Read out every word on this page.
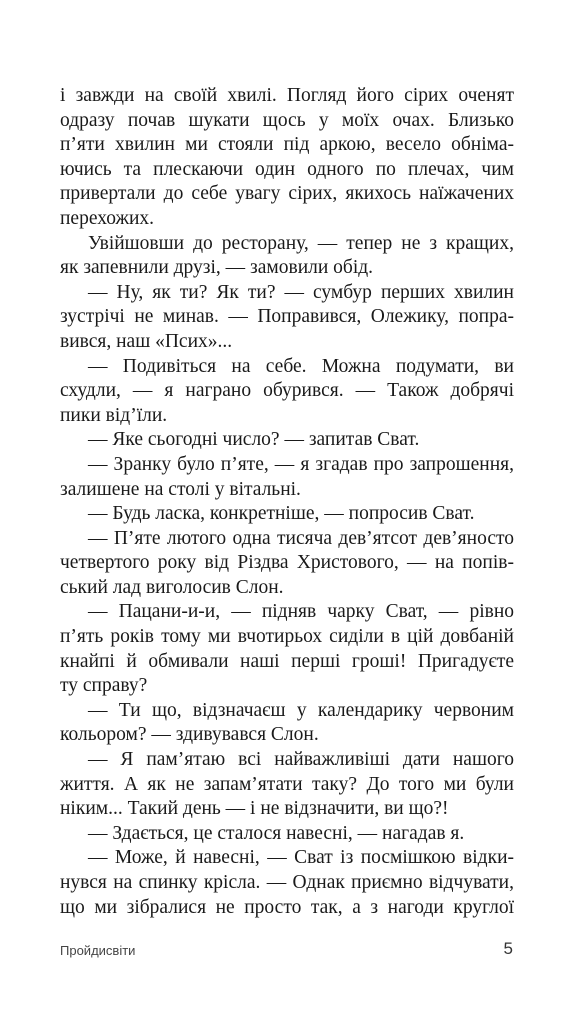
і завжди на своїй хвилі. Погляд його сірих оченят
одразу почав шукати щось у моїх очах. Близько
п’яти хвилин ми стояли під аркою, весело обніма-
ючись та плескаючи один одного по плечах, чим
привертали до себе увагу сірих, якихось наїжачених
перехожих.
Увійшовши до ресторану, — тепер не з кращих,
як запевнили друзі, — замовили обід.
— Ну, як ти? Як ти? — сумбур перших хвилин
зустрічі не минав. — Поправився, Олежику, попра-
вився, наш «Псих»...
— Подивіться на себе. Можна подумати, ви
схудли, — я награно обурився. — Також добрячі
пики від’їли.
— Яке сьогодні число? — запитав Сват.
— Зранку було п’яте, — я згадав про запрошення,
залишене на столі у вітальні.
— Будь ласка, конкретніше, — попросив Сват.
— П’яте лютого одна тисяча дев’ятсот дев’яносто
четвертого року від Різдва Христового, — на попів-
ський лад виголосив Слон.
— Пацани-и-и, — підняв чарку Сват, — рівно
п’ять років тому ми вчотирьох сиділи в цій довбаній
кнайпі й обмивали наші перші гроші! Пригадуєте
ту справу?
— Ти що, відзначаєш у календарику червоним
кольором? — здивувався Слон.
— Я пам’ятаю всі найважливіші дати нашого
життя. А як не запам’ятати таку? До того ми були
ніким... Такий день — і не відзначити, ви що?!
— Здається, це сталося навесні, — нагадав я.
— Може, й навесні, — Сват із посмішкою відки-
нувся на спинку крісла. — Однак приємно відчувати,
що ми зібралися не просто так, а з нагоди круглої
Пройдисвіти	5
